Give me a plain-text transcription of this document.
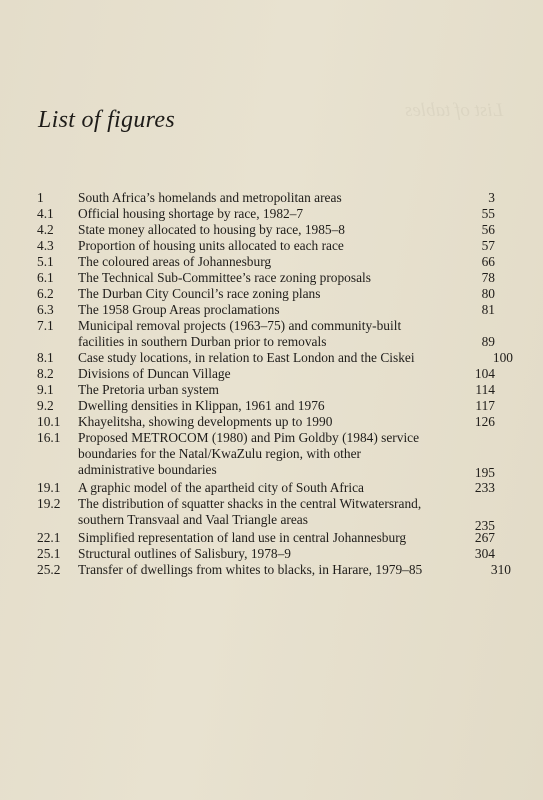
List of tables
List of figures
1	South Africa’s homelands and metropolitan areas	3
4.1 Official housing shortage by race, 1982–7	55
4.2 State money allocated to housing by race, 1985–8	56
4.3 Proportion of housing units allocated to each race	57
5.1 The coloured areas of Johannesburg	66
6.1 The Technical Sub-Committee’s race zoning proposals	78
6.2 The Durban City Council’s race zoning plans	80
6.3 The 1958 Group Areas proclamations	81
7.1 Municipal removal projects (1963–75) and community-built
facilities in southern Durban prior to removals	89
8.1 Case study locations, in relation to East London and the Ciskei	100
8.2 Divisions of Duncan Village	104
9.1 The Pretoria urban system	114
9.2 Dwelling densities in Klippan, 1961 and 1976	117
10.1 Khayelitsha, showing developments up to 1990	126
16.1 Proposed METROCOM (1980) and Pim Goldby (1984) service
boundaries for the Natal/KwaZulu region, with other
administrative boundaries	195
19.1 A graphic model of the apartheid city of South Africa	233
19.2 The distribution of squatter shacks in the central Witwatersrand,
southern Transvaal and Vaal Triangle areas	235
22.1 Simplified representation of land use in central Johannesburg	267
25.1 Structural outlines of Salisbury, 1978–9	304
25.2 Transfer of dwellings from whites to blacks, in Harare, 1979–85	310
